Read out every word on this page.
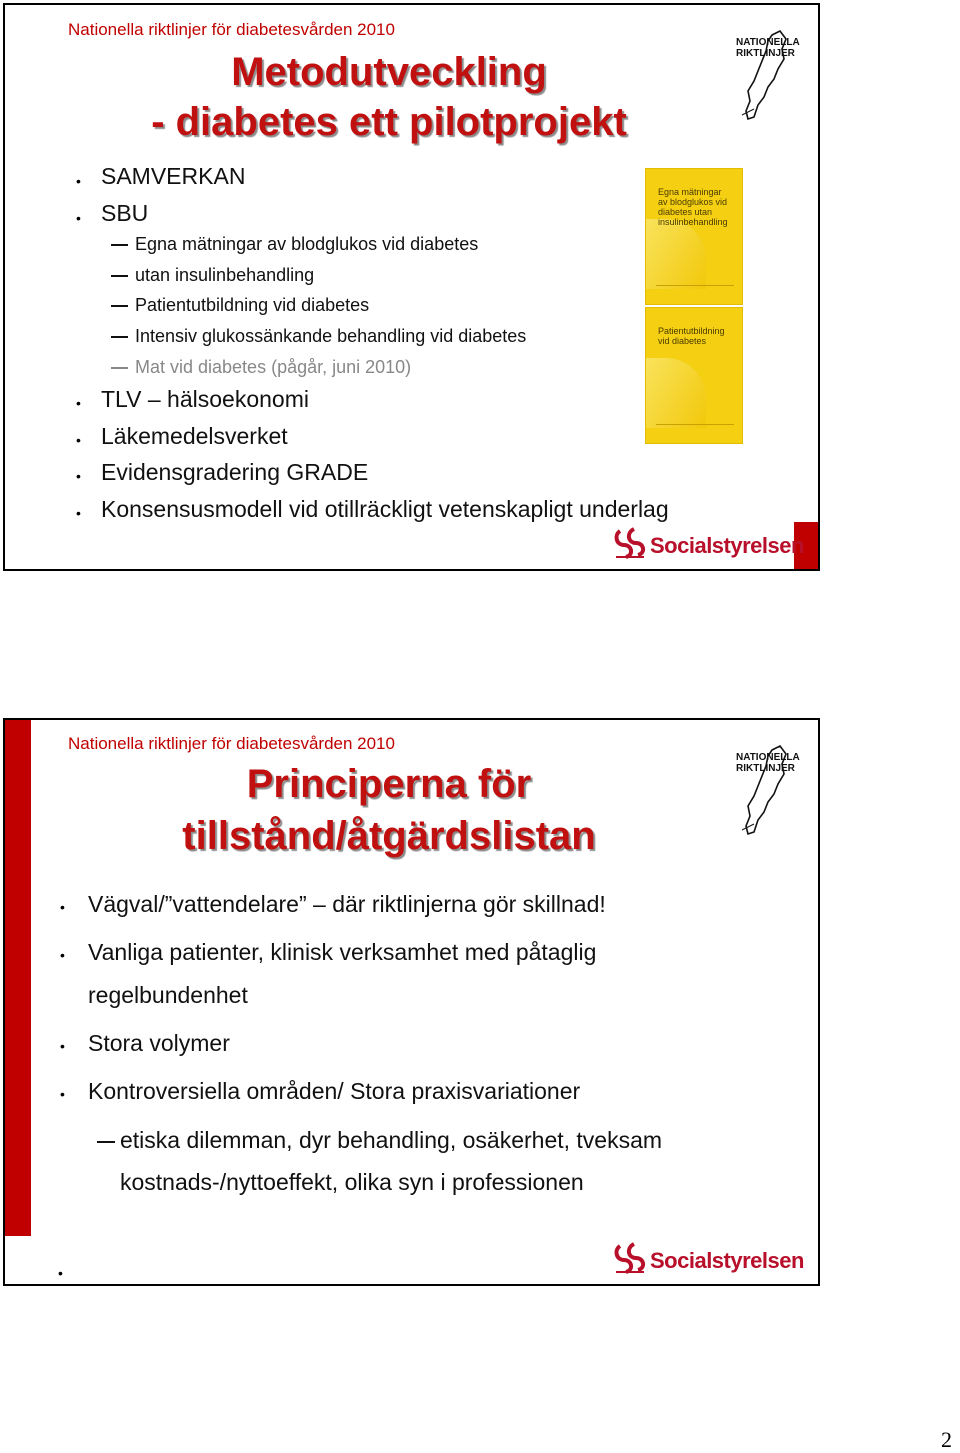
Nationella riktlinjer för diabetesvården 2010
Metodutveckling
- diabetes ett pilotprojekt
NATIONELLA RIKTLINJER
• SAMVERKAN
• SBU
Egna mätningar av blodglukos vid diabetes
utan insulinbehandling
Patientutbildning vid diabetes
Intensiv glukossänkande behandling vid diabetes
Mat vid diabetes (pågår, juni 2010)
• TLV – hälsoekonomi
• Läkemedelsverket
• Evidensgradering GRADE
• Konsensusmodell vid otillräckligt vetenskapligt underlag
Egna mätningar av blodglukos vid diabetes utan insulinbehandling
Patientutbildning vid diabetes
Socialstyrelsen
Nationella riktlinjer för diabetesvården 2010
Principerna för
tillstånd/åtgärdslistan
NATIONELLA RIKTLINJER
• Vägval/”vattendelare” – där riktlinjerna gör skillnad!
• Vanliga patienter, klinisk verksamhet med påtaglig
regelbundenhet
• Stora volymer
• Kontroversiella områden/ Stora praxisvariationer
etiska dilemman, dyr behandling, osäkerhet, tveksam
kostnads-/nyttoeffekt, olika syn i professionen
Socialstyrelsen
•
2
